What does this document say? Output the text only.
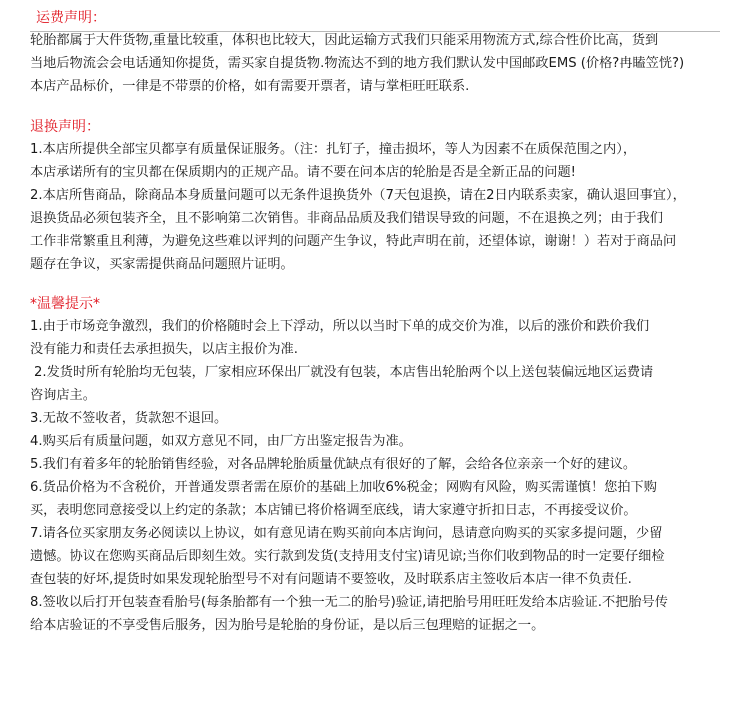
运费声明：
轮胎都属于大件货物,重量比较重，体积也比较大，因此运输方式我们只能采用物流方式,综合性价比高，货到
当地后物流会会电话通知你提货，需买家自提货物.物流达不到的地方我们默认发中国邮政EMS (价格?冉瞌笠恍?)
本店产品标价，一律是不带票的价格，如有需要开票者，请与掌柜旺旺联系.
退换声明：
1.本店所提供全部宝贝都享有质量保证服务。（注：扎钉子，撞击损坏，等人为因素不在质保范围之内），
本店承诺所有的宝贝都在保质期内的正规产品。请不要在问本店的轮胎是否是全新正品的问题!
2.本店所售商品，除商品本身质量问题可以无条件退换货外（7天包退换，请在2日内联系卖家，确认退回事宜），
退换货品必须包装齐全，且不影响第二次销售。非商品品质及我们错误导致的问题，不在退换之列；由于我们
工作非常繁重且利薄，为避免这些难以评判的问题产生争议，特此声明在前，还望体谅，谢谢！）若对于商品问
题存在争议，买家需提供商品问题照片证明。
*温馨提示*
1.由于市场竞争激烈，我们的价格随时会上下浮动，所以以当时下单的成交价为准，以后的涨价和跌价我们
没有能力和责任去承担损失，以店主报价为准.
2.发货时所有轮胎均无包装，厂家相应环保出厂就没有包装，本店售出轮胎两个以上送包装偏远地区运费请
咨询店主。
3.无故不签收者，货款恕不退回。
4.购买后有质量问题，如双方意见不同，由厂方出鉴定报告为准。
5.我们有着多年的轮胎销售经验，对各品牌轮胎质量优缺点有很好的了解，会给各位亲亲一个好的建议。
6.货品价格为不含税价，开普通发票者需在原价的基础上加收6%税金；网购有风险，购买需谨慎！您拍下购
买，表明您同意接受以上约定的条款；本店铺已将价格调至底线，请大家遵守折扣日志，不再接受议价。
7.请各位买家朋友务必阅读以上协议，如有意见请在购买前向本店询问，恳请意向购买的买家多提问题，少留
遗憾。协议在您购买商品后即刻生效。实行款到发货(支持用支付宝)请见谅;当你们收到物品的时一定要仔细检
查包装的好坏,提货时如果发现轮胎型号不对有问题请不要签收，及时联系店主签收后本店一律不负责任.
8.签收以后打开包装查看胎号(每条胎都有一个独一无二的胎号)验证,请把胎号用旺旺发给本店验证.不把胎号传
给本店验证的不享受售后服务，因为胎号是轮胎的身份证，是以后三包理赔的证据之一。
